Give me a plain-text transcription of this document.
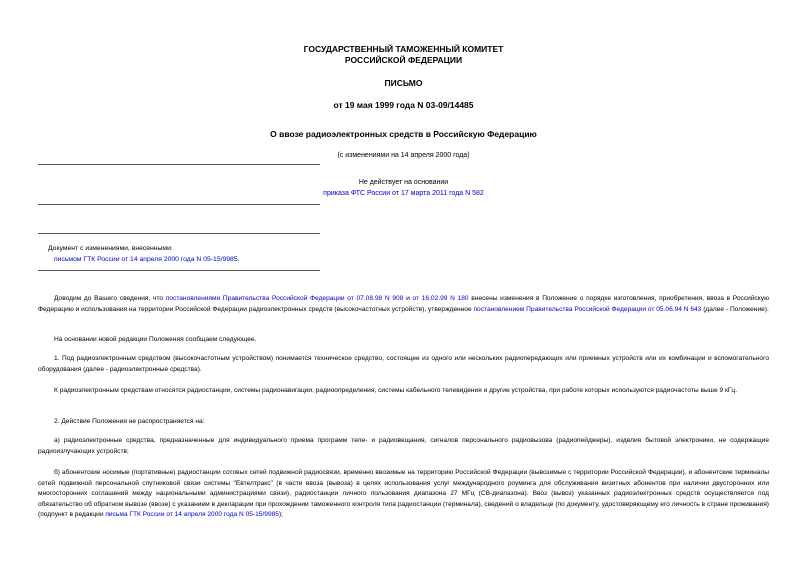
ГОСУДАРСТВЕННЫЙ ТАМОЖЕННЫЙ КОМИТЕТ
РОССИЙСКОЙ ФЕДЕРАЦИИ
ПИСЬМО
от 19 мая 1999 года N 03-09/14485
О ввозе радиоэлектронных средств в Российскую Федерацию
(с изменениями на 14 апреля 2000 года)
Не действует на основании
приказа ФТС России от 17 марта 2011 года N 582
Документ с изменениями, внесенными:
письмом ГТК России от 14 апреля 2000 года N 05-15/9985.
Доводим до Вашего сведения, что постановлениями Правительства Российской Федерации от 07.08.98 N 908 и от 16.02.99 N 180 внесены изменения в Положение о порядке изготовления, приобретения, ввоза в Российскую Федерацию и использования на территории Российской Федерации радиоэлектронных средств (высокочастотных устройств), утвержденное постановлением Правительства Российской Федерации от 05.06.94 N 643 (далее - Положение).
На основании новой редакции Положения сообщаем следующее.
1. Под радиоэлектронным средством (высокочастотным устройством) понимается техническое средство, состоящее из одного или нескольких радиопередающих или приемных устройств или их комбинации и вспомогательного оборудования (далее - радиоэлектронные средства).
К радиоэлектронным средствам относятся радиостанции, системы радионавигации, радиоопределения, системы кабельного телевидения и другие устройства, при работе которых используются радиочастоты выше 9 кГц.
2. Действие Положения не распространяется на:
а) радиоэлектронные средства, предназначенные для индивидуального приема программ теле- и радиовещания, сигналов персонального радиовызова (радиопейджеры), изделия бытовой электроники, не содержащие радиоизлучающих устройств;
б) абонентские носимые (портативные) радиостанции сотовых сетей подвижной радиосвязи, временно ввозимые на территорию Российской Федерации (вывозимые с территории Российской Федерации), и абонентские терминалы сетей подвижной персональной спутниковой связи системы "Евтелтракс" (в части ввоза (вывоза) в целях использования услуг международного роуминга для обслуживания визитных абонентов при наличии двусторонних или многосторонних соглашений между национальными администрациями связи), радиостанции личного пользования диапазона 27 МГц (СВ-диапазона). Ввоз (вывоз) указанных радиоэлектронных средств осуществляется под обязательство об обратном вывозе (ввозе) с указанием в декларации при прохождении таможенного контроля типа радиостанции (терминала), сведений о владельце (по документу, удостоверяющему его личность в стране проживания) (подпункт в редакции письма ГТК России от 14 апреля 2000 года N 05-15/9985);
